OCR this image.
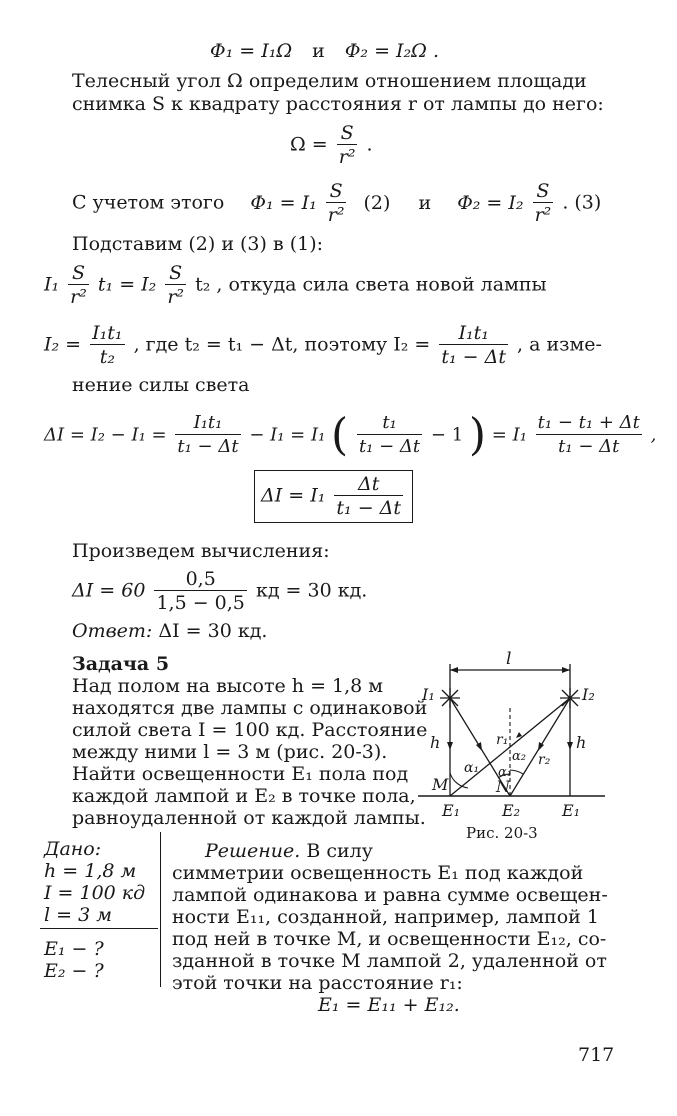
Φ₁ = I₁Ω и Φ₂ = I₂Ω .
Телесный угол Ω определим отношением площади
снимка S к квадрату расстояния r от лампы до него:
$\Omega = \frac{S}{\text{r²}}$ .
С учетом этого $\Phi_1 = I_1 \frac{S}{\text{r²}} (2)$ и $\Phi_2 = I_2 \frac{S}{\text{r²}}$ . (3)
Подставим (2) и (3) в (1):
$I_1 \frac{S}{\text{r²}} t_1 = I_2 \frac{S}{\text{r²}} t_2$ , откуда сила света новой лампы
$I_2 = \frac{\text{I₁t₁}}{\text{t₂}}$ , где t₂ = t₁ − Δt, поэтому $I_2 = \frac{\text{I₁t₁}}{\text{t₁ − Δt}}$ , а изме-
нение силы света
$\Delta I = I_2 - I_1 = \frac{\text{I₁t₁}}{\text{t₁ − Δt}} - I_1 = I_1$ ( $\frac{\text{t₁}}{\text{t₁ − Δt}} - 1$ ) = $I_1 \frac{\text{t₁ − t₁ + Δt}}{\text{t₁ − Δt}}$ ,
$\Delta I = I_1 \frac{\Delta t}{\text{t₁ − Δt}}$
Произведем вычисления:
$\Delta I = 60 \frac{0,5}{1,5 - 0,5}$ кд = 30 кд.
Ответ: ΔI = 30 кд.
Задача 5
Над полом на высоте h = 1,8 м
находятся две лампы с одинаковой
силой света I = 100 кд. Расстояние
между ними l = 3 м (рис. 20-3).
Найти освещенности E₁ пола под
каждой лампой и E₂ в точке пола,
равноудаленной от каждой лампы.
l
I₁	I₂
h	h
r₁
r₂
α₁ α₁
α₂
M	N
E₁	E₂	E₁
Рис. 20-3
Дано:
h = 1,8 м
I = 100 кд
l = 3 м
E₁ − ?
E₂ − ?
Решение. В силу
симметрии освещенность E₁ под каждой
лампой одинакова и равна сумме освещен-
ности E₁₁, созданной, например, лампой 1
под ней в точке M, и освещенности E₁₂, со-
зданной в точке M лампой 2, удаленной от
этой точки на расстояние r₁:
E₁ = E₁₁ + E₁₂.
717
